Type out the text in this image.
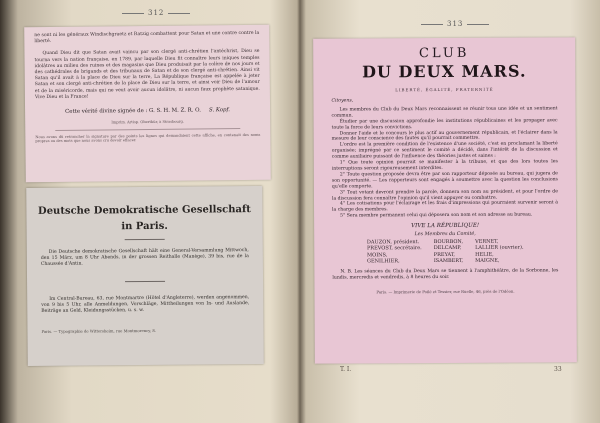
312

ne sont ni les généraux Windischgraetz et Ratzig combattent pour Satan et une contre contre la liberté.

Quand Dieu dit que Satan avait vaincu par son clergé anti-chrétien l'antéchrist, Dieu se tourna vers la nation française, en 1789, par laquelle Dieu fit connaître leurs iniques temples idolâtres au milieu des ruines et des magasins que Dieu produisait par la colère de nos jours et des cathédrales de brigands et des tribunaux de Satan et de son clergé anti-chrétien. Ainsi vit Satan qu'il avait à la place de Dieu sur la terre, La République française est appelée à jeter Satan et son clergé anti-chrétien de la place de Dieu sur la terre, et ainsi voir Dieu de l'amour et de la miséricorde, mais qui ne veut avoir aucun idolâtre, ni aucun faux prophète satanique. Vive Dieu et la France!

Cette vérité divine signée de : G. S. H. M. Z. R. O. S. Kopf.

Imprim. Artisp. Oberthür, à Strasbourg.

Nous avons dû retrancher la signature par des points les lignes qui demandaient cette affiche, en contenait des noms propres ou des mots que nous avons cru devoir effacer.

Deutsche Demokratische Gesellschaft
in Paris.

Die Deutsche demokratische Gesellschaft hält eine General-Versammlung Mittwoch, den 15 März, um 8 Uhr Abends, in der grossen Reithalle (Manège), 39 bis, rue de la Chaussée d'Antin.

Im Central-Bureau, 63, rue Montmartre (Hôtel d'Angleterre), werden angenommen, von 9 bis 5 Uhr, alle Anmeldungen, Vorschläge, Mittheilungen von In- und Auslande, Beiträge an Geld, Kleidungsstücken, u. s. w.

Paris. — Typographie de Wittersheim, rue Montmorency, 8.

313
CLUB
DU DEUX MARS.
LIBERTÉ, ÉGALITÉ, FRATERNITÉ
Citoyens,
Les membres du Club du Deux Mars reconnaissent se réunir tous une idée et un sentiment commun.
Étudier par une discussion approfondie les institutions républicaines et les propager avec toute la force de leurs convictions.
Donner l'aide et le concours le plus actif au gouvernement républicain, et l'éclairer dans la mesure de leur conscience des fautes qu'il pourrait commettre.
L'ordre est la première condition de l'existence d'une société, c'est en proclamant la liberté organisée; imprégné par ce sentiment le comité a décidé, dans l'intérêt de la discussion et comme auxiliaire puissant de l'influence des théories justes et saines :
1° Que toute opinion pourrait se manifester à la tribune, et que des lors toutes les interruptions seront rigoureusement interdites.
2° Toute question proposée devra être par son rapporteur déposée au bureau, qui jugera de son opportunité. — Les rapporteurs sont engagés à soumettre avec la question les conclusions qu'elle comporte.
3° Tout votant devront prendre la parole, donnera son nom au président, et pour l'ordre de la discussion fera connaître l'opinion qu'il vient appuyer ou combattre.
4° Les cotisations pour l'éclairage et les frais d'impressions qui pourraient survenir seront à la charge des membres.
5° Sera membre permanent celui qui déposera son nom et son adresse au bureau.
VIVE LA RÉPUBLIQUE!
Les Membres du Comité,
DAUZON, président.	BOURBON,	VERNET,
PREVOST, secrétaire.	DELCAMP,	LALLIER (ouvrier).
MOINS,	PREYAT,	HELIE,
GENILHIER,	ISAMBERT,	MAIGNE,
N. B. Les séances du Club du Deux Mars se tiennent à l'amphithéâtre, de la Sorbonne, les lundis, mercredis et vendredis, à 8 heures du soir.
Paris. — Imprimerie de Poilé et Tessier, rue Ruelle, 46, près de l'Odéon.
T. I.	33
